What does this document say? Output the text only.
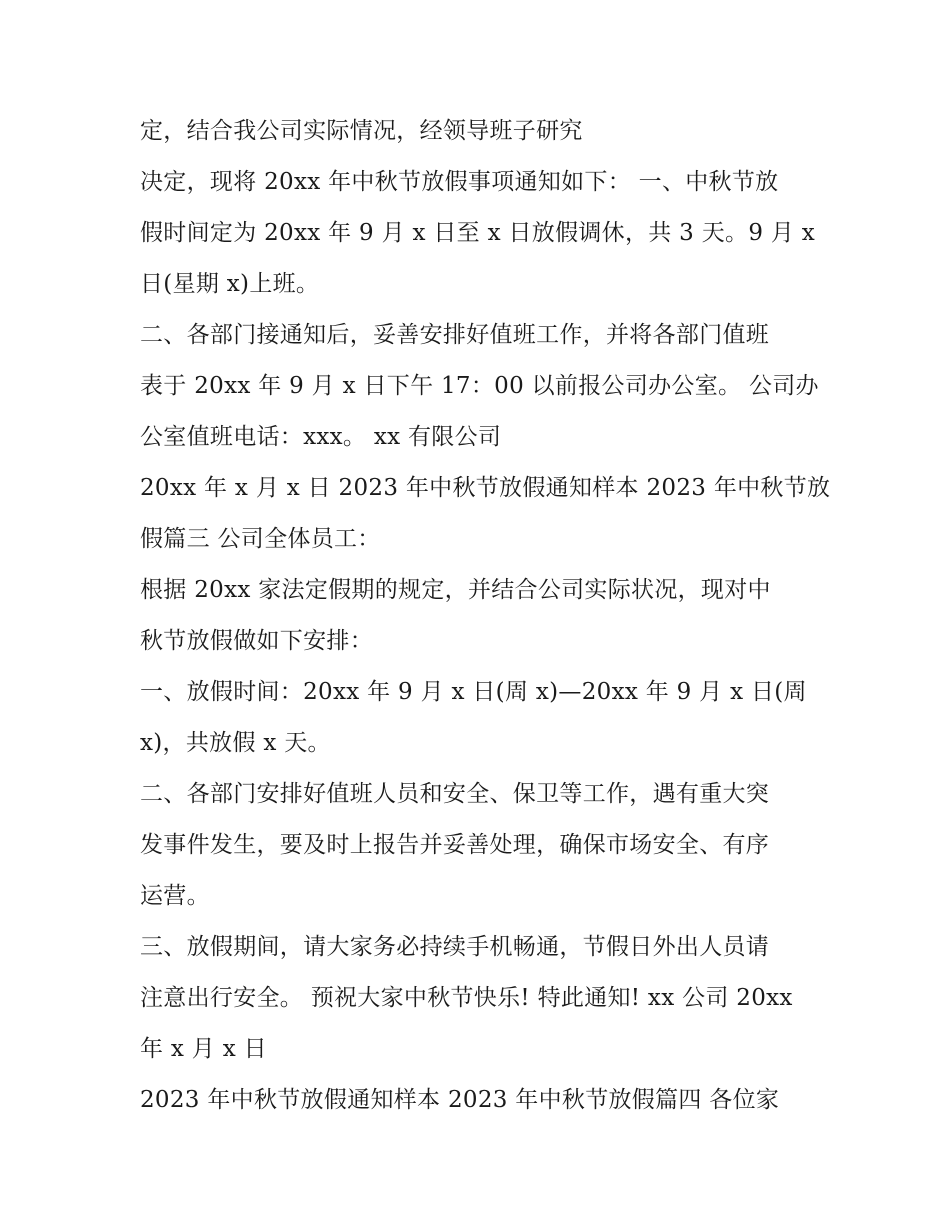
定，结合我公司实际情况，经领导班子研究
决定，现将 20xx 年中秋节放假事项通知如下： 一、中秋节放
假时间定为 20xx 年 9 月 x 日至 x 日放假调休，共 3 天。9 月 x
日(星期 x)上班。
二、各部门接通知后，妥善安排好值班工作，并将各部门值班
表于 20xx 年 9 月 x 日下午 17：00 以前报公司办公室。 公司办
公室值班电话：xxx。 xx 有限公司
20xx 年 x 月 x 日 2023 年中秋节放假通知样本 2023 年中秋节放
假篇三 公司全体员工：
根据 20xx 家法定假期的规定，并结合公司实际状况，现对中
秋节放假做如下安排：
一、放假时间：20xx 年 9 月 x 日(周 x)—20xx 年 9 月 x 日(周
x)，共放假 x 天。
二、各部门安排好值班人员和安全、保卫等工作，遇有重大突
发事件发生，要及时上报告并妥善处理，确保市场安全、有序
运营。
三、放假期间，请大家务必持续手机畅通，节假日外出人员请
注意出行安全。 预祝大家中秋节快乐! 特此通知! xx 公司 20xx
年 x 月 x 日
2023 年中秋节放假通知样本 2023 年中秋节放假篇四 各位家
